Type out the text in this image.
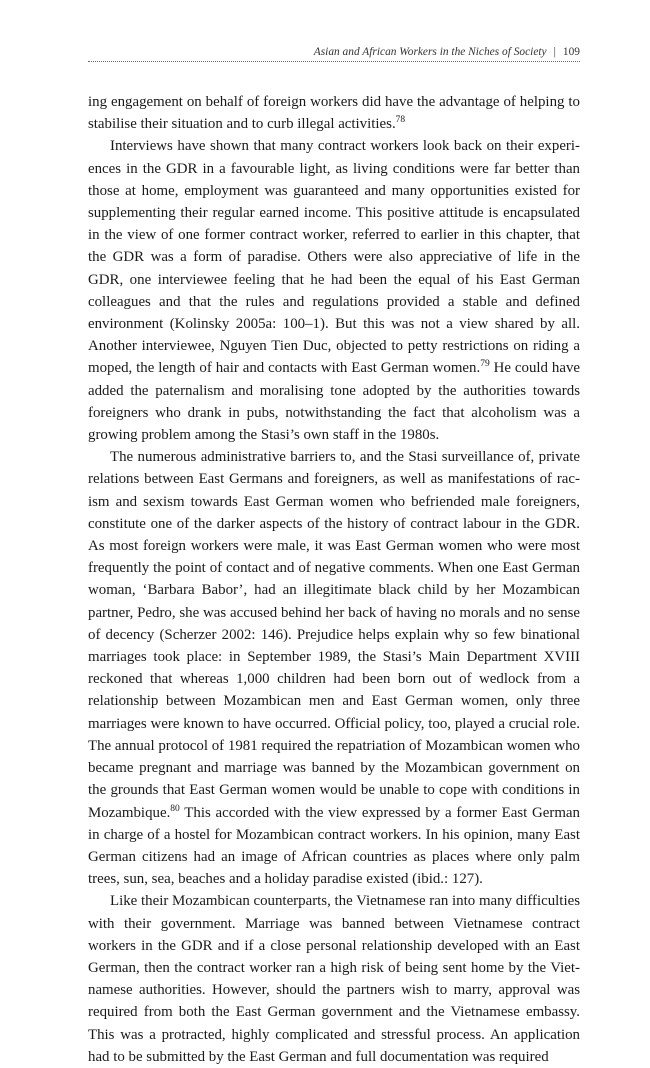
Asian and African Workers in the Niches of Society | 109

ing engagement on behalf of foreign workers did have the advantage of helping to stabilise their situation and to curb illegal activities.$^{78}$

Interviews have shown that many contract workers look back on their experiences in the GDR in a favourable light, as living conditions were far better than those at home, employment was guaranteed and many opportunities existed for supplementing their regular earned income. This positive attitude is encapsulated in the view of one former contract worker, referred to earlier in this chapter, that the GDR was a form of paradise. Others were also appreciative of life in the GDR, one interviewee feeling that he had been the equal of his East German colleagues and that the rules and regulations provided a stable and defined environment (Kolinsky 2005a: 100–1). But this was not a view shared by all. Another interviewee, Nguyen Tien Duc, objected to petty restrictions on riding a moped, the length of hair and contacts with East German women.$^{79}$ He could have added the paternalism and moralising tone adopted by the authorities towards foreigners who drank in pubs, notwithstanding the fact that alcoholism was a growing problem among the Stasi’s own staff in the 1980s.

The numerous administrative barriers to, and the Stasi surveillance of, private relations between East Germans and foreigners, as well as manifestations of racism and sexism towards East German women who befriended male foreigners, constitute one of the darker aspects of the history of contract labour in the GDR. As most foreign workers were male, it was East German women who were most frequently the point of contact and of negative comments. When one East German woman, ‘Barbara Babor’, had an illegitimate black child by her Mozambican partner, Pedro, she was accused behind her back of having no morals and no sense of decency (Scherzer 2002: 146). Prejudice helps explain why so few binational marriages took place: in September 1989, the Stasi’s Main Department XVIII reckoned that whereas 1,000 children had been born out of wedlock from a relationship between Mozambican men and East German women, only three marriages were known to have occurred. Official policy, too, played a crucial role. The annual protocol of 1981 required the repatriation of Mozambican women who became pregnant and marriage was banned by the Mozambican government on the grounds that East German women would be unable to cope with conditions in Mozambique.$^{80}$ This accorded with the view expressed by a former East German in charge of a hostel for Mozambican contract workers. In his opinion, many East German citizens had an image of African countries as places where only palm trees, sun, sea, beaches and a holiday paradise existed (ibid.: 127).

Like their Mozambican counterparts, the Vietnamese ran into many difficulties with their government. Marriage was banned between Vietnamese contract workers in the GDR and if a close personal relationship developed with an East German, then the contract worker ran a high risk of being sent home by the Vietnamese authorities. However, should the partners wish to marry, approval was required from both the East German government and the Vietnamese embassy. This was a protracted, highly complicated and stressful process. An application had to be submitted by the East German and full documentation was required
